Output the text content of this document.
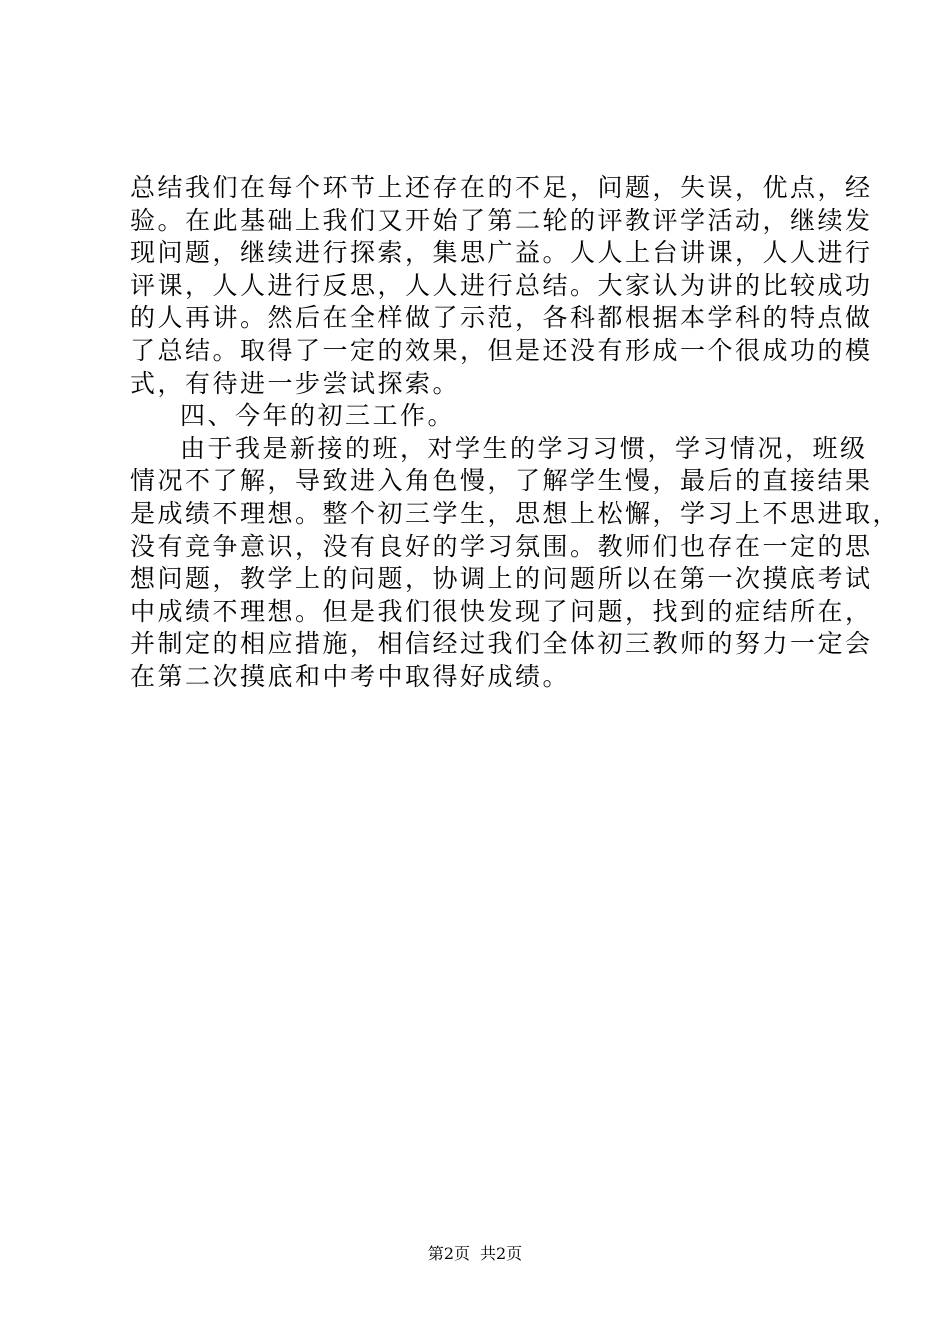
总结我们在每个环节上还存在的不足，问题，失误，优点，经
验。在此基础上我们又开始了第二轮的评教评学活动，继续发
现问题，继续进行探索，集思广益。人人上台讲课，人人进行
评课，人人进行反思，人人进行总结。大家认为讲的比较成功
的人再讲。然后在全样做了示范，各科都根据本学科的特点做
了总结。取得了一定的效果，但是还没有形成一个很成功的模
式，有待进一步尝试探索。
四、今年的初三工作。
由于我是新接的班，对学生的学习习惯，学习情况，班级
情况不了解，导致进入角色慢，了解学生慢，最后的直接结果
是成绩不理想。整个初三学生，思想上松懈，学习上不思进取，
没有竞争意识，没有良好的学习氛围。教师们也存在一定的思
想问题，教学上的问题，协调上的问题所以在第一次摸底考试
中成绩不理想。但是我们很快发现了问题，找到的症结所在，
并制定的相应措施，相信经过我们全体初三教师的努力一定会
在第二次摸底和中考中取得好成绩。
第2页 共2页
